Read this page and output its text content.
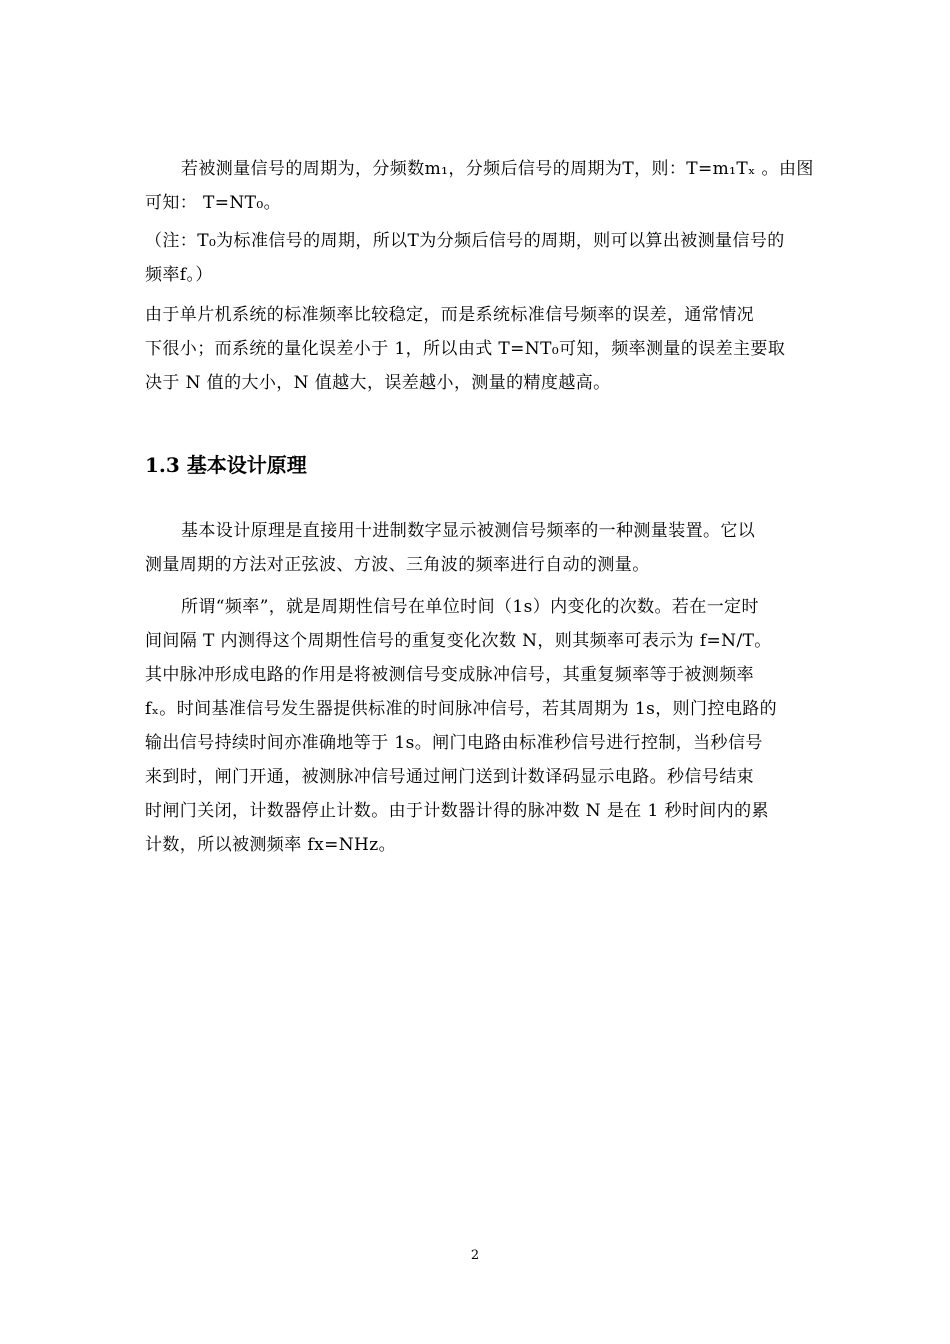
若被测量信号的周期为，分频数m₁，分频后信号的周期为T，则：T=m₁Tₓ 。由图
可知： T=NT₀。
（注：T₀为标准信号的周期，所以T为分频后信号的周期，则可以算出被测量信号的
频率f。）
由于单片机系统的标准频率比较稳定，而是系统标准信号频率的误差，通常情况
下很小；而系统的量化误差小于 1，所以由式 T=NT₀可知，频率测量的误差主要取
决于 N 值的大小，N 值越大，误差越小，测量的精度越高。
1.3 基本设计原理
基本设计原理是直接用十进制数字显示被测信号频率的一种测量装置。它以
测量周期的方法对正弦波、方波、三角波的频率进行自动的测量。
所谓“频率”，就是周期性信号在单位时间（1s）内变化的次数。若在一定时
间间隔 T 内测得这个周期性信号的重复变化次数 N，则其频率可表示为 f=N/T。
其中脉冲形成电路的作用是将被测信号变成脉冲信号，其重复频率等于被测频率
fₓ。时间基准信号发生器提供标准的时间脉冲信号，若其周期为 1s，则门控电路的
输出信号持续时间亦准确地等于 1s。闸门电路由标准秒信号进行控制，当秒信号
来到时，闸门开通，被测脉冲信号通过闸门送到计数译码显示电路。秒信号结束
时闸门关闭，计数器停止计数。由于计数器计得的脉冲数 N 是在 1 秒时间内的累
计数，所以被测频率 fx=NHz。
2
